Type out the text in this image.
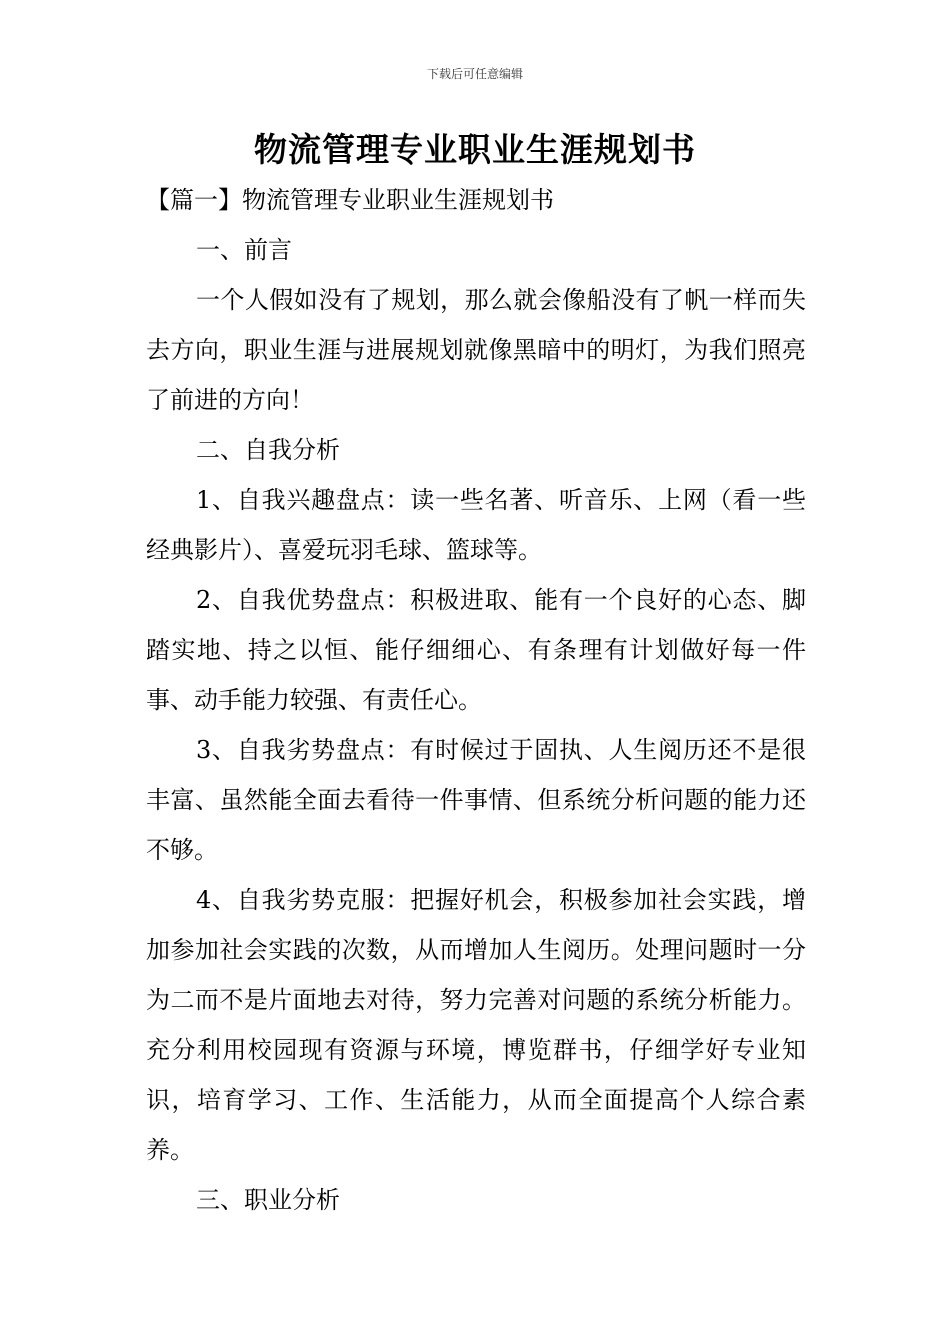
下载后可任意编辑
物流管理专业职业生涯规划书

【篇一】物流管理专业职业生涯规划书

一、前言

一个人假如没有了规划，那么就会像船没有了帆一样而失去方向，职业生涯与进展规划就像黑暗中的明灯，为我们照亮了前进的方向！

二、自我分析

1、自我兴趣盘点：读一些名著、听音乐、上网（看一些经典影片）、喜爱玩羽毛球、篮球等。

2、自我优势盘点：积极进取、能有一个良好的心态、脚踏实地、持之以恒、能仔细细心、有条理有计划做好每一件事、动手能力较强、有责任心。

3、自我劣势盘点：有时候过于固执、人生阅历还不是很丰富、虽然能全面去看待一件事情、但系统分析问题的能力还不够。

4、自我劣势克服：把握好机会，积极参加社会实践，增加参加社会实践的次数，从而增加人生阅历。处理问题时一分为二而不是片面地去对待，努力完善对问题的系统分析能力。充分利用校园现有资源与环境，博览群书，仔细学好专业知识，培育学习、工作、生活能力，从而全面提高个人综合素养。

三、职业分析
